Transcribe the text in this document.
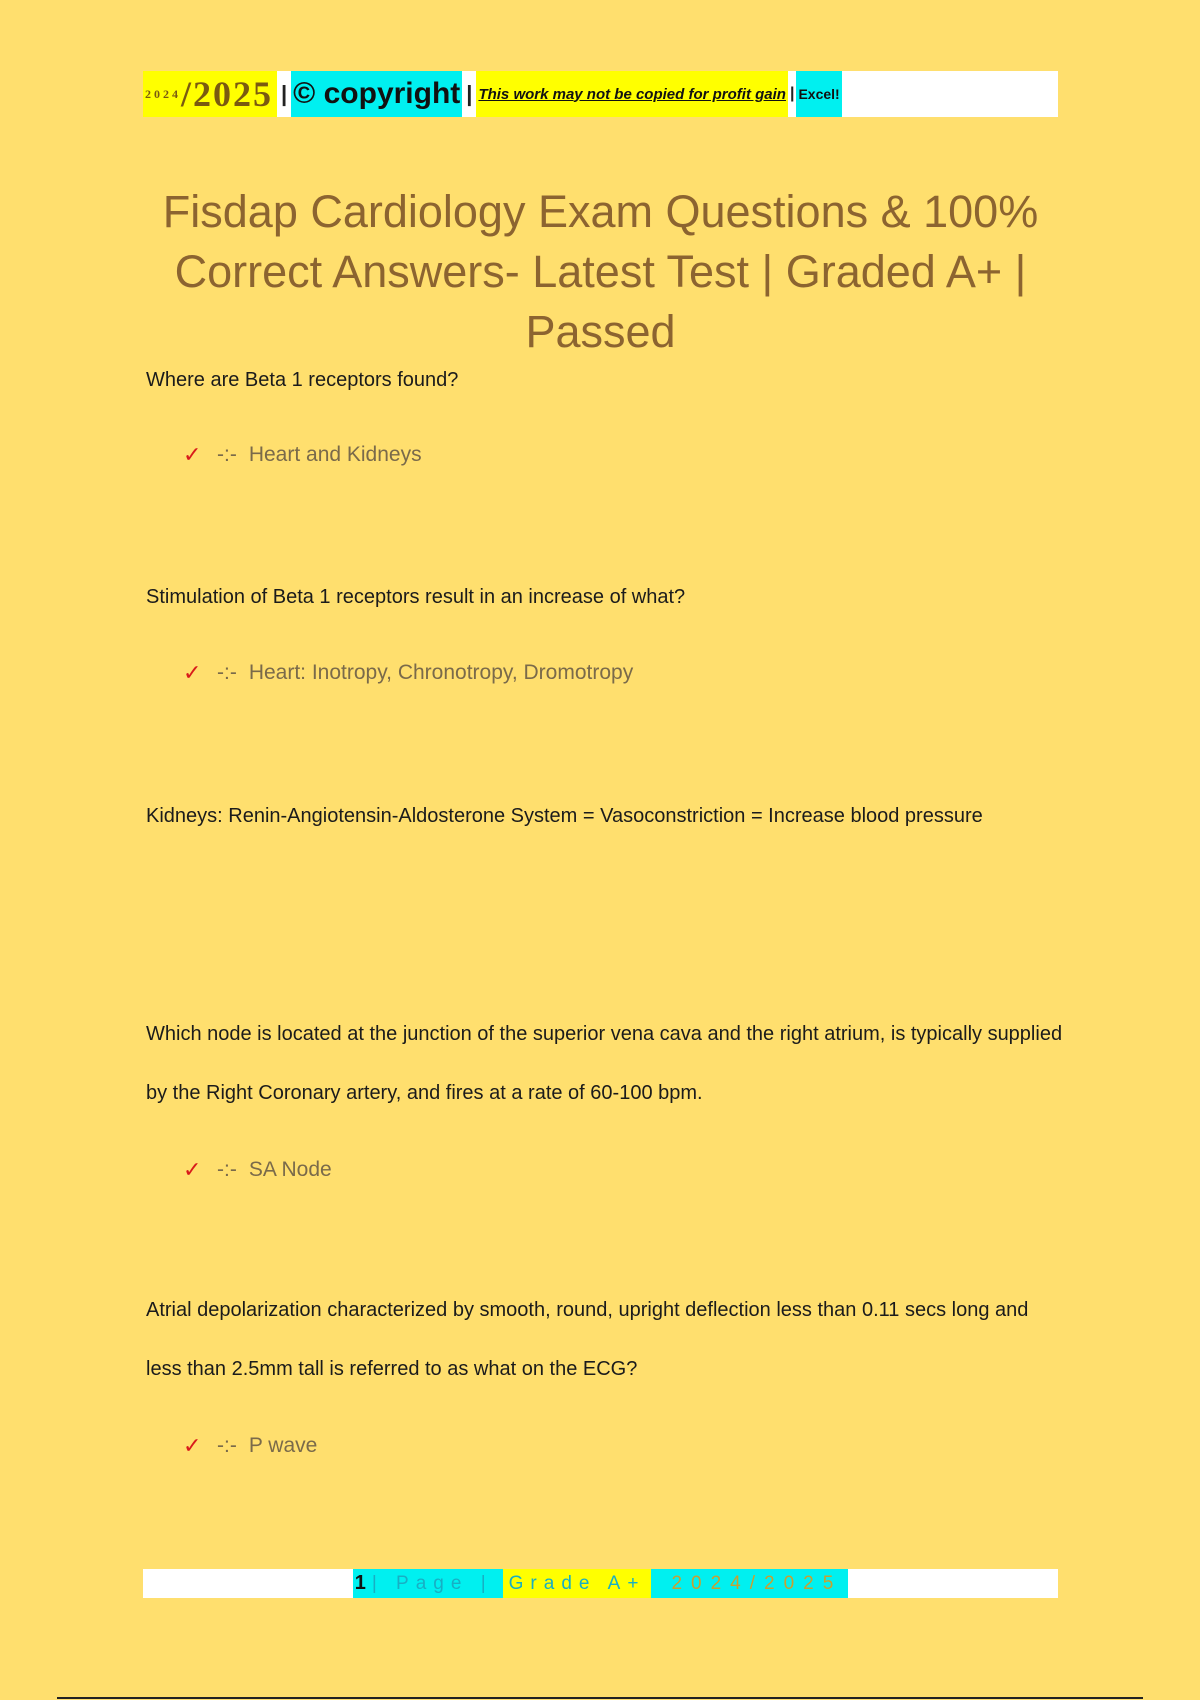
2024 /2025 | © copyright | This work may not be copied for profit gain | Excel!
Fisdap Cardiology Exam Questions & 100% Correct Answers- Latest Test | Graded A+ | Passed

Where are Beta 1 receptors found?

✓ -:- Heart and Kidneys

Stimulation of Beta 1 receptors result in an increase of what?

✓ -:- Heart: Inotropy, Chronotropy, Dromotropy

Kidneys: Renin-Angiotensin-Aldosterone System = Vasoconstriction = Increase blood pressure

Which node is located at the junction of the superior vena cava and the right atrium, is typically supplied by the Right Coronary artery, and fires at a rate of 60-100 bpm.

✓ -:- SA Node

Atrial depolarization characterized by smooth, round, upright deflection less than 0.11 secs long and less than 2.5mm tall is referred to as what on the ECG?

✓ -:- P wave
1 | Page | Grade A+	2024/2025
